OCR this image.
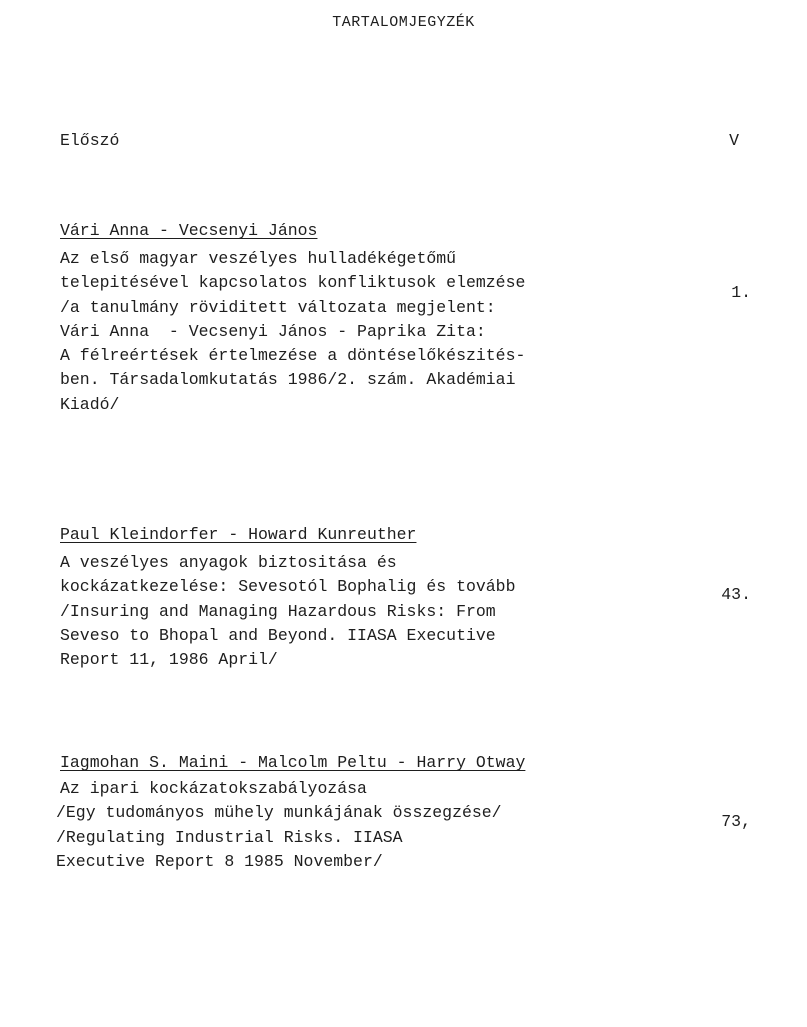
TARTALOMJEGYZÉK
Előszó	V
Vári Anna - Vecsenyi János
Az első magyar veszélyes hulladékégetőmű
telepitésével kapcsolatos konfliktusok elemzése
/a tanulmány röviditett változata megjelent:
Vári Anna  - Vecsenyi János - Paprika Zita:
A félreértések értelmezése a döntéselőkészités-
ben. Társadalomkutatás 1986/2. szám. Akadémiai
Kiadó/
1.
Paul Kleindorfer - Howard Kunreuther
A veszélyes anyagok biztositása és
kockázatkezelése: Sevesotól Bophalig és tovább
/Insuring and Managing Hazardous Risks: From
Seveso to Bhopal and Beyond. IIASA Executive
Report 11, 1986 April/
43.
Iagmohan S. Maini - Malcolm Peltu - Harry Otway
Az ipari kockázatokszabályozása
/Egy tudományos mühely munkájának összegzése/
/Regulating Industrial Risks. IIASA
Executive Report 8 1985 November/
73,
